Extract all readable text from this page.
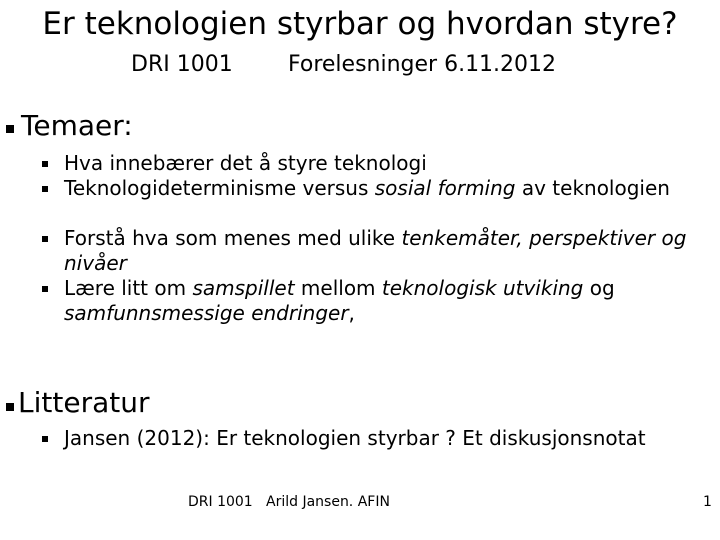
Er teknologien styrbar og hvordan styre?
DRI 1001	Forelesninger 6.11.2012
Temaer:
Hva innebærer det å styre teknologi
Teknologideterminisme versus sosial forming av teknologien
Forstå hva som menes med ulike tenkemåter, perspektiver og nivåer
Lære litt om samspillet mellom teknologisk utviking og samfunnsmessige endringer,
Litteratur
Jansen (2012): Er teknologien styrbar ? Et diskusjonsnotat
DRI 1001 Arild Jansen. AFIN	1
